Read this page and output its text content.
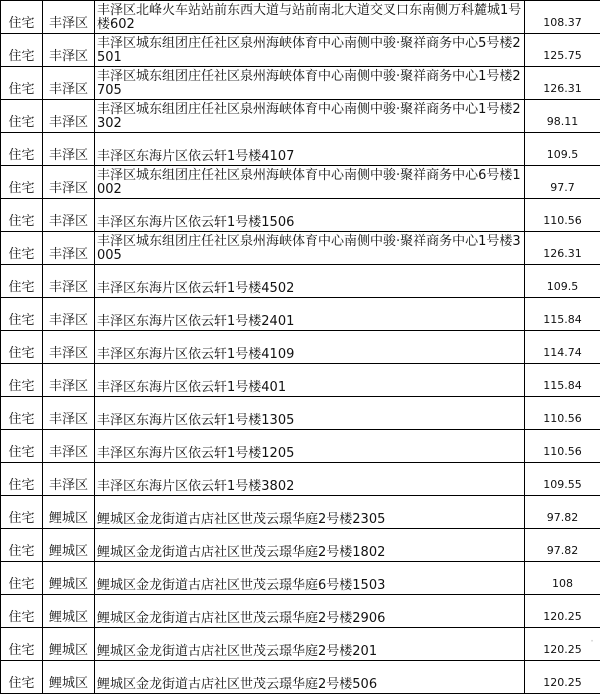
住宅	丰泽区	丰泽区北峰火车站站前东西大道与站前南北大道交叉口东南侧万科麓城1号楼602	108.37
住宅	丰泽区	丰泽区城东组团庄任社区泉州海峡体育中心南侧中骏·聚祥商务中心5号楼2501	125.75
住宅	丰泽区	丰泽区城东组团庄任社区泉州海峡体育中心南侧中骏·聚祥商务中心1号楼2705	126.31
住宅	丰泽区	丰泽区城东组团庄任社区泉州海峡体育中心南侧中骏·聚祥商务中心1号楼2302	98.11
住宅	丰泽区	丰泽区东海片区依云轩1号楼4107	109.5
住宅	丰泽区	丰泽区城东组团庄任社区泉州海峡体育中心南侧中骏·聚祥商务中心6号楼1002	97.7
住宅	丰泽区	丰泽区东海片区依云轩1号楼1506	110.56
住宅	丰泽区	丰泽区城东组团庄任社区泉州海峡体育中心南侧中骏·聚祥商务中心1号楼3005	126.31
住宅	丰泽区	丰泽区东海片区依云轩1号楼4502	109.5
住宅	丰泽区	丰泽区东海片区依云轩1号楼2401	115.84
住宅	丰泽区	丰泽区东海片区依云轩1号楼4109	114.74
住宅	丰泽区	丰泽区东海片区依云轩1号楼401	115.84
住宅	丰泽区	丰泽区东海片区依云轩1号楼1305	110.56
住宅	丰泽区	丰泽区东海片区依云轩1号楼1205	110.56
住宅	丰泽区	丰泽区东海片区依云轩1号楼3802	109.55
住宅	鲤城区	鲤城区金龙街道古店社区世茂云璟华庭2号楼2305	97.82
住宅	鲤城区	鲤城区金龙街道古店社区世茂云璟华庭2号楼1802	97.82
住宅	鲤城区	鲤城区金龙街道古店社区世茂云璟华庭6号楼1503	108
住宅	鲤城区	鲤城区金龙街道古店社区世茂云璟华庭2号楼2906	120.25
住宅	鲤城区	鲤城区金龙街道古店社区世茂云璟华庭2号楼201	120.25
住宅	鲤城区	鲤城区金龙街道古店社区世茂云璟华庭2号楼506	120.25
·
